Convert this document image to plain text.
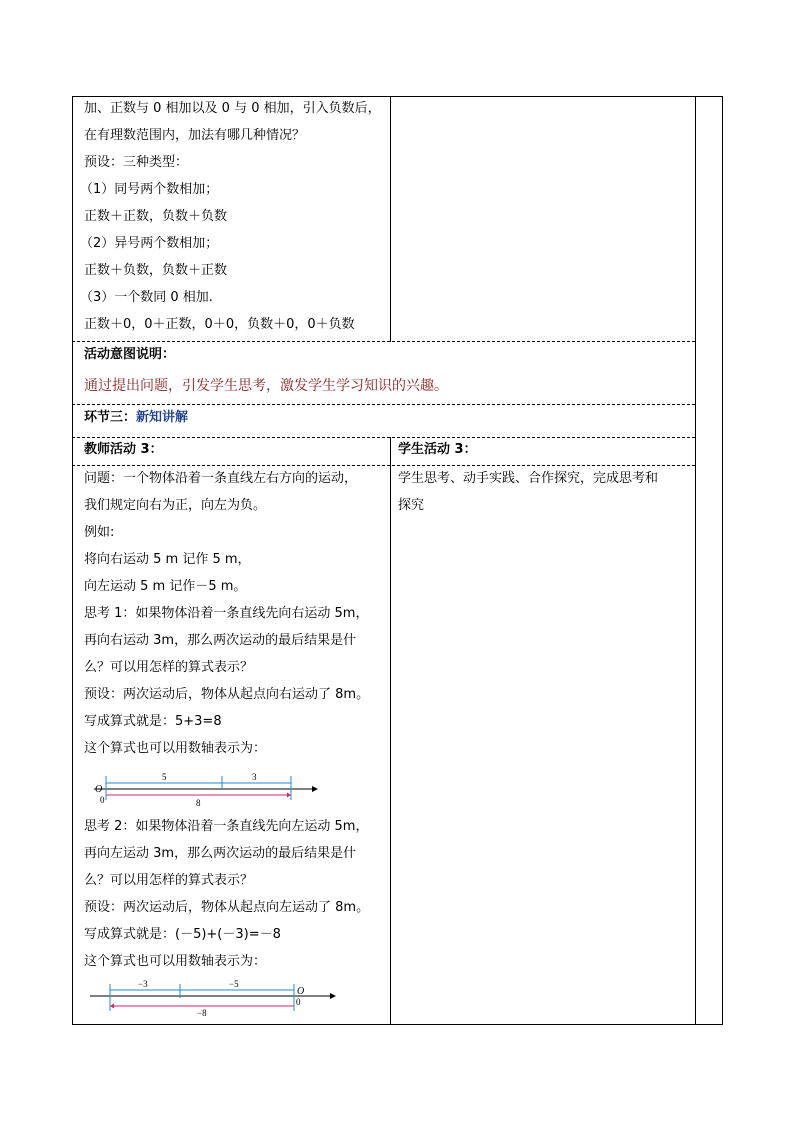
加、正数与 0 相加以及 0 与 0 相加，引入负数后，
在有理数范围内，加法有哪几种情况？
预设：三种类型：
（1）同号两个数相加；
正数＋正数，负数＋负数
（2）异号两个数相加；
正数＋负数，负数＋正数
（3）一个数同 0 相加.
正数＋0，0＋正数，0＋0，负数＋0，0＋负数
活动意图说明：
通过提出问题，引发学生思考，激发学生学习知识的兴趣。
环节三：新知讲解
教师活动 3：	学生活动 3：
问题：一个物体沿着一条直线左右方向的运动，
我们规定向右为正，向左为负。
例如:
将向右运动 5 m 记作 5 m，
向左运动 5 m 记作－5 m。
思考 1：如果物体沿着一条直线先向右运动 5m，
再向右运动 3m，那么两次运动的最后结果是什
么？可以用怎样的算式表示？
预设：两次运动后，物体从起点向右运动了 8m。
写成算式就是：5+3=8
这个算式也可以用数轴表示为：
O
0
5	3
8
思考 2：如果物体沿着一条直线先向左运动 5m，
再向左运动 3m，那么两次运动的最后结果是什
么？可以用怎样的算式表示？
预设：两次运动后，物体从起点向左运动了 8m。
写成算式就是：(－5)+(－3)=－8
这个算式也可以用数轴表示为：
O
0
−3	−5
−8
学生思考、动手实践、合作探究，完成思考和
探究
